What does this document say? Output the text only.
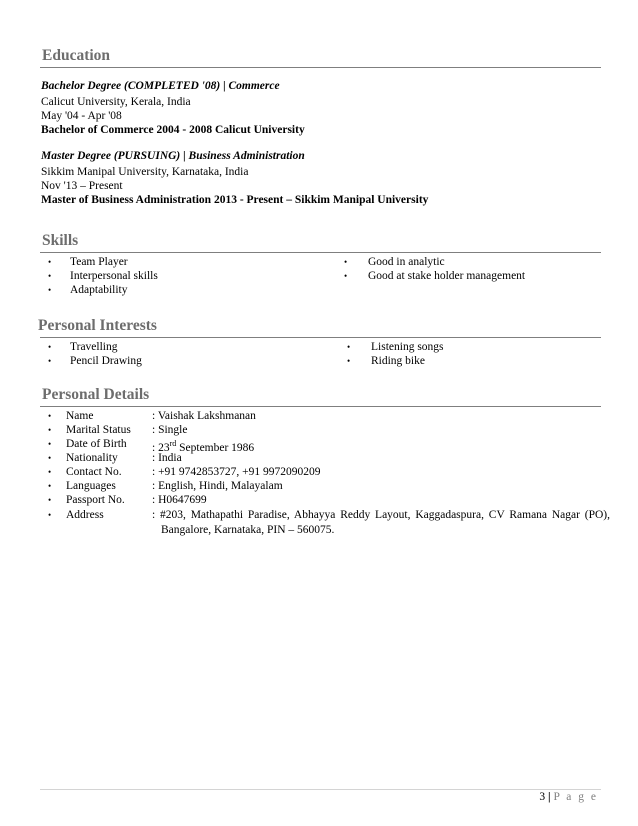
Education
Bachelor Degree (COMPLETED '08) | Commerce
Calicut University, Kerala, India
May '04 - Apr '08
Bachelor of Commerce 2004 - 2008 Calicut University
Master Degree (PURSUING) | Business Administration
Sikkim Manipal University, Karnataka, India
Nov '13 – Present
Master of Business Administration 2013 - Present – Sikkim Manipal University
Skills
• Team Player
• Interpersonal skills
• Adaptability
• Good in analytic
• Good at stake holder management
Personal Interests
• Travelling
• Pencil Drawing
• Listening songs
• Riding bike
Personal Details
• Name	: Vaishak Lakshmanan
• Marital Status : Single
• Date of Birth : 23rd September 1986
• Nationality	: India
• Contact No.	: +91 9742853727, +91 9972090209
• Languages	: English, Hindi, Malayalam
• Passport No. : H0647699
• Address	: #203, Mathapathi Paradise, Abhayya Reddy Layout, Kaggadaspura, CV Ramana Nagar (PO), Bangalore, Karnataka, PIN – 560075.
3 | P a g e
